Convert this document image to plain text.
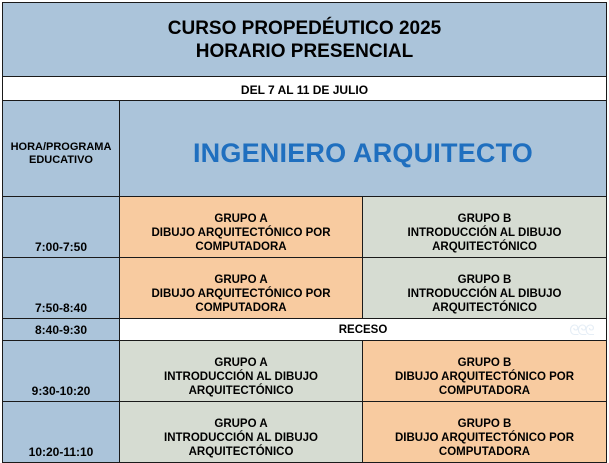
CURSO PROPEDÉUTICO 2025
HORARIO PRESENCIAL		

DEL 7 AL 11 DE JULIO		
HORA/PROGRAMA EDUCATIVO	INGENIERO ARQUITECTO	
7:00-7:50	GRUPO A
DIBUJO ARQUITECTÓNICO POR
COMPUTADORA	GRUPO B
INTRODUCCIÓN AL DIBUJO
ARQUITECTÓNICO

7:50-8:40	GRUPO A
DIBUJO ARQUITECTÓNICO POR
COMPUTADORA	GRUPO B
INTRODUCCIÓN AL DIBUJO
ARQUITECTÓNICO

8:40-9:30	RECESO ᘓᘓᘓ	

9:30-10:20	GRUPO A
INTRODUCCIÓN AL DIBUJO
ARQUITECTÓNICO	GRUPO B
DIBUJO ARQUITECTÓNICO POR
COMPUTADORA

10:20-11:10	GRUPO A
INTRODUCCIÓN AL DIBUJO
ARQUITECTÓNICO	GRUPO B
DIBUJO ARQUITECTÓNICO POR
COMPUTADORA
